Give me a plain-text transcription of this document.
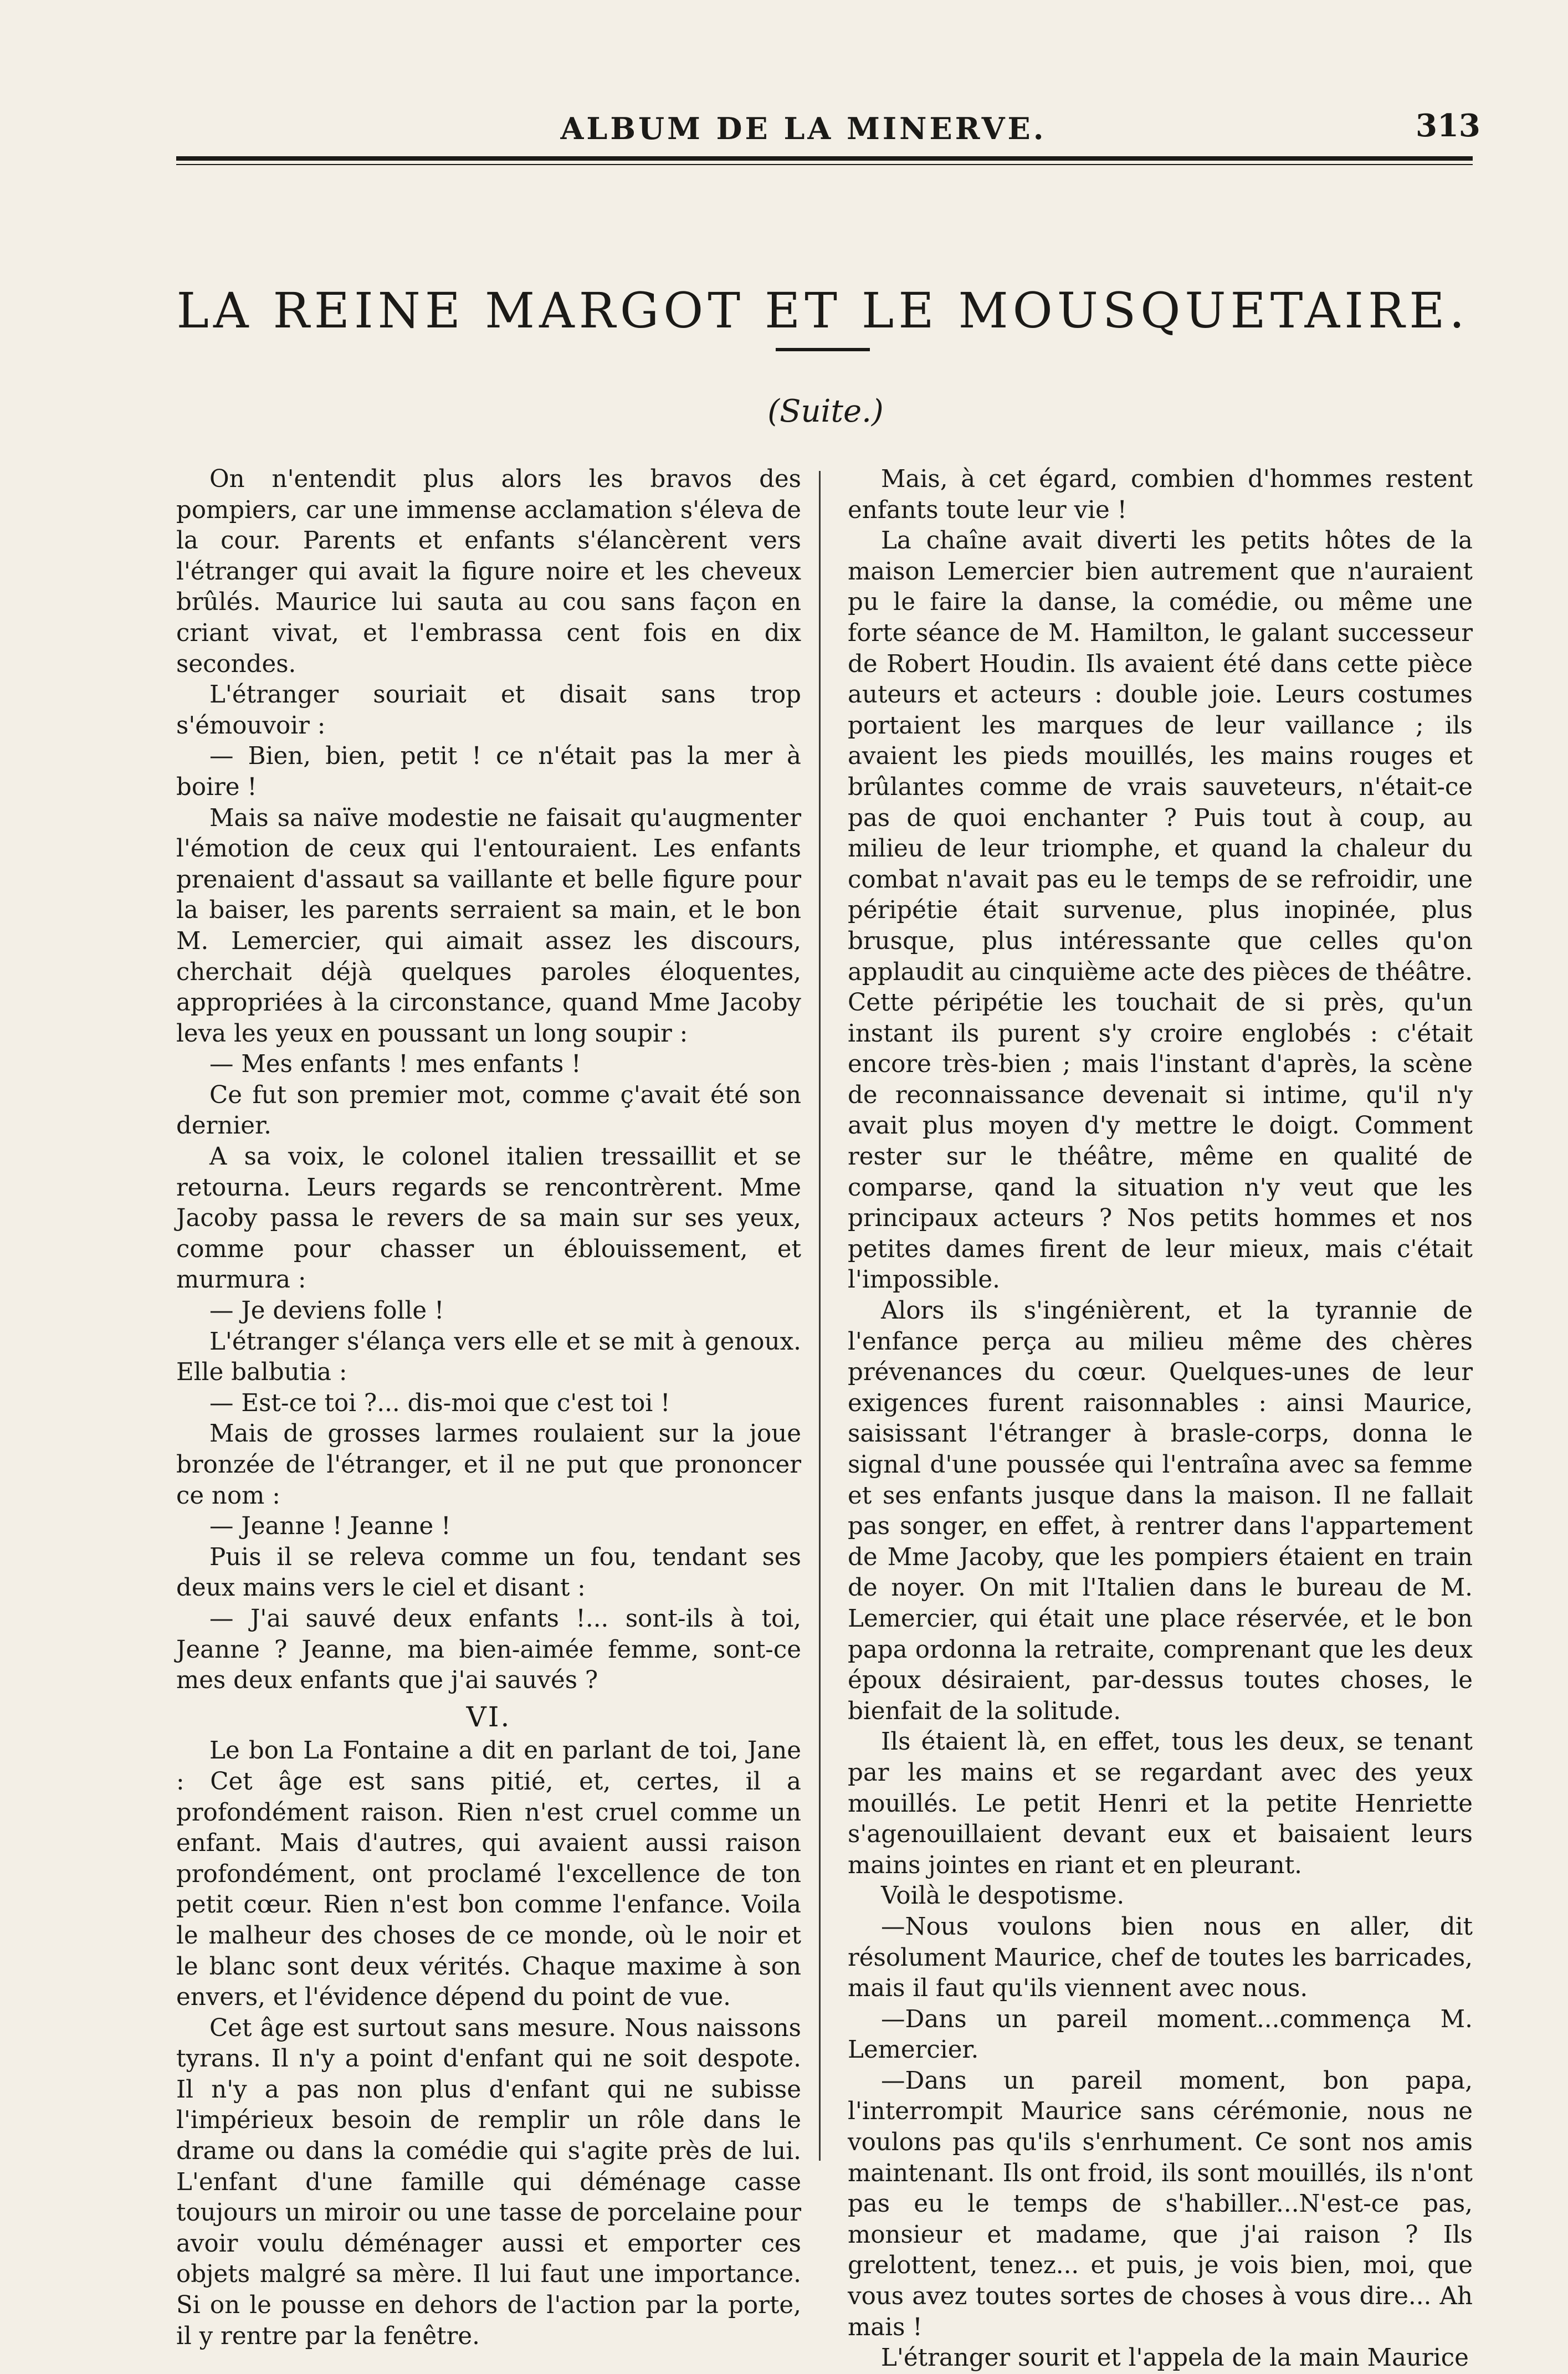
ALBUM DE LA MINERVE.	313
LA REINE MARGOT ET LE MOUSQUETAIRE.
(Suite.)

On n'entendit plus alors les bravos des pompiers, car une immense acclamation s'éleva de la cour. Parents et enfants s'élancèrent vers l'étranger qui avait la figure noire et les cheveux brûlés. Maurice lui sauta au cou sans façon en criant vivat, et l'embrassa cent fois en dix secondes.

L'étranger souriait et disait sans trop s'émouvoir :

— Bien, bien, petit ! ce n'était pas la mer à boire !

Mais sa naïve modestie ne faisait qu'augmenter l'émotion de ceux qui l'entouraient. Les enfants prenaient d'assaut sa vaillante et belle figure pour la baiser, les parents serraient sa main, et le bon M. Lemercier, qui aimait assez les discours, cherchait déjà quelques paroles éloquentes, appropriées à la circonstance, quand Mme Jacoby leva les yeux en poussant un long soupir :

— Mes enfants ! mes enfants !

Ce fut son premier mot, comme ç'avait été son dernier.

A sa voix, le colonel italien tressaillit et se retourna. Leurs regards se rencontrèrent. Mme Jacoby passa le revers de sa main sur ses yeux, comme pour chasser un éblouissement, et murmura :

— Je deviens folle !

L'étranger s'élança vers elle et se mit à genoux. Elle balbutia :

— Est-ce toi ?... dis-moi que c'est toi !

Mais de grosses larmes roulaient sur la joue bronzée de l'étranger, et il ne put que prononcer ce nom :

— Jeanne ! Jeanne !

Puis il se releva comme un fou, tendant ses deux mains vers le ciel et disant :

— J'ai sauvé deux enfants !... sont-ils à toi, Jeanne ? Jeanne, ma bien-aimée femme, sont-ce mes deux enfants que j'ai sauvés ?

VI.

Le bon La Fontaine a dit en parlant de toi, Jane : Cet âge est sans pitié, et, certes, il a profondément raison. Rien n'est cruel comme un enfant. Mais d'autres, qui avaient aussi raison profondément, ont proclamé l'excellence de ton petit cœur. Rien n'est bon comme l'enfance. Voila le malheur des choses de ce monde, où le noir et le blanc sont deux vérités. Chaque maxime à son envers, et l'évidence dépend du point de vue.

Cet âge est surtout sans mesure. Nous naissons tyrans. Il n'y a point d'enfant qui ne soit despote. Il n'y a pas non plus d'enfant qui ne subisse l'impérieux besoin de remplir un rôle dans le drame ou dans la comédie qui s'agite près de lui. L'enfant d'une famille qui déménage casse toujours un miroir ou une tasse de porcelaine pour avoir voulu déménager aussi et emporter ces objets malgré sa mère. Il lui faut une importance. Si on le pousse en dehors de l'action par la porte, il y rentre par la fenêtre.

Mais, à cet égard, combien d'hommes restent enfants toute leur vie !

La chaîne avait diverti les petits hôtes de la maison Lemercier bien autrement que n'auraient pu le faire la danse, la comédie, ou même une forte séance de M. Hamilton, le galant successeur de Robert Houdin. Ils avaient été dans cette pièce auteurs et acteurs : double joie. Leurs costumes portaient les marques de leur vaillance ; ils avaient les pieds mouillés, les mains rouges et brûlantes comme de vrais sauveteurs, n'était-ce pas de quoi enchanter ? Puis tout à coup, au milieu de leur triomphe, et quand la chaleur du combat n'avait pas eu le temps de se refroidir, une péripétie était survenue, plus inopinée, plus brusque, plus intéressante que celles qu'on applaudit au cinquième acte des pièces de théâtre. Cette péripétie les touchait de si près, qu'un instant ils purent s'y croire englobés : c'était encore très-bien ; mais l'instant d'après, la scène de reconnaissance devenait si intime, qu'il n'y avait plus moyen d'y mettre le doigt. Comment rester sur le théâtre, même en qualité de comparse, qand la situation n'y veut que les principaux acteurs ? Nos petits hommes et nos petites dames firent de leur mieux, mais c'était l'impossible.

Alors ils s'ingénièrent, et la tyrannie de l'enfance perça au milieu même des chères prévenances du cœur. Quelques-unes de leur exigences furent raisonnables : ainsi Maurice, saisissant l'étranger à brasle-corps, donna le signal d'une poussée qui l'entraîna avec sa femme et ses enfants jusque dans la maison. Il ne fallait pas songer, en effet, à rentrer dans l'appartement de Mme Jacoby, que les pompiers étaient en train de noyer. On mit l'Italien dans le bureau de M. Lemercier, qui était une place réservée, et le bon papa ordonna la retraite, comprenant que les deux époux désiraient, par-dessus toutes choses, le bienfait de la solitude.

Ils étaient là, en effet, tous les deux, se tenant par les mains et se regardant avec des yeux mouillés. Le petit Henri et la petite Henriette s'agenouillaient devant eux et baisaient leurs mains jointes en riant et en pleurant.

Voilà le despotisme.

—Nous voulons bien nous en aller, dit résolument Maurice, chef de toutes les barricades, mais il faut qu'ils viennent avec nous.

—Dans un pareil moment...commença M. Lemercier.

—Dans un pareil moment, bon papa, l'interrompit Maurice sans cérémonie, nous ne voulons pas qu'ils s'enrhument. Ce sont nos amis maintenant. Ils ont froid, ils sont mouillés, ils n'ont pas eu le temps de s'habiller...N'est-ce pas, monsieur et madame, que j'ai raison ? Ils grelottent, tenez... et puis, je vois bien, moi, que vous avez toutes sortes de choses à vous dire... Ah mais !

L'étranger sourit et l'appela de la main Maurice
